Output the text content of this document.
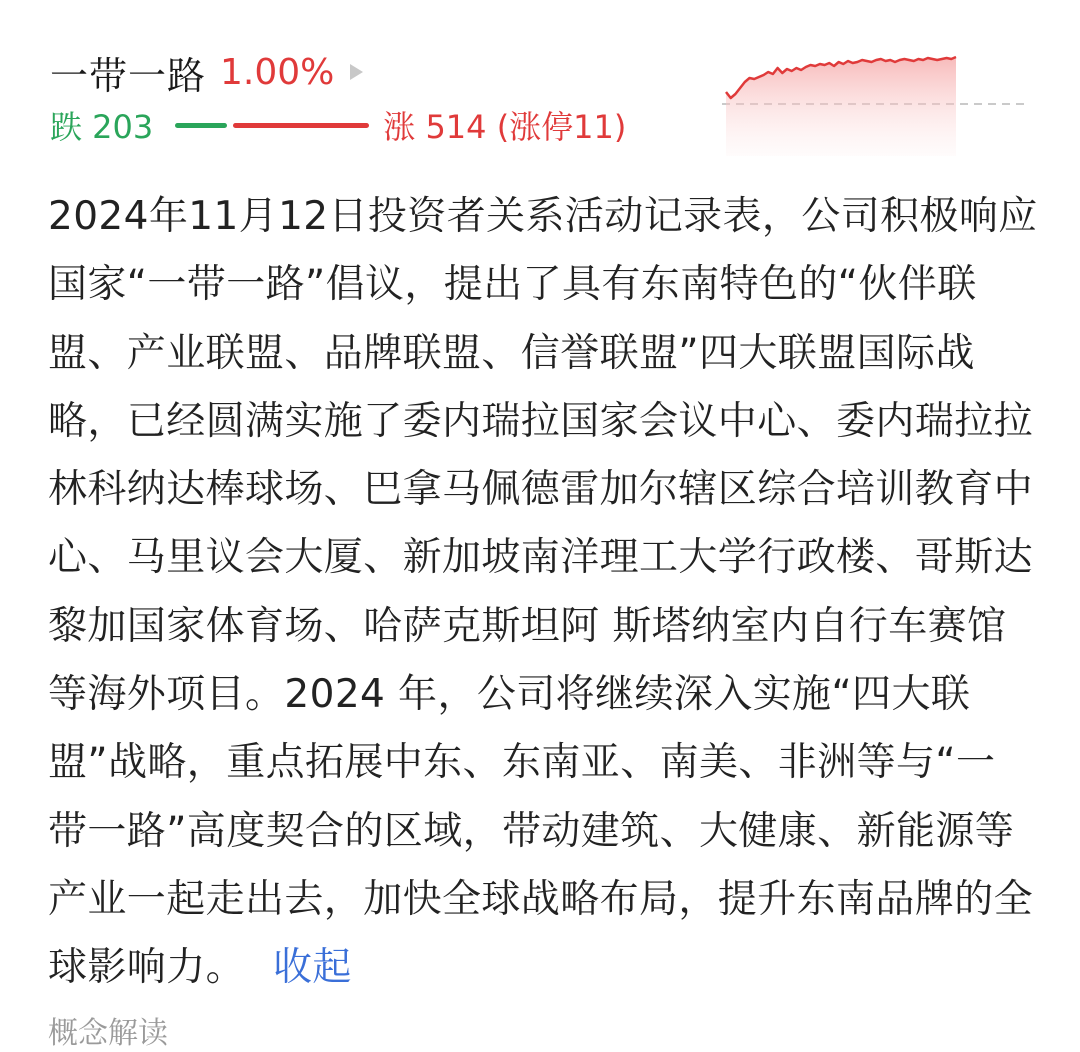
一带一路 1.00%
跌 203	涨 514 (涨停11)
2024年11月12日投资者关系活动记录表，公司积极响应国家“一带一路”倡议，提出了具有东南特色的“伙伴联盟、产业联盟、品牌联盟、信誉联盟”四大联盟国际战略，已经圆满实施了委内瑞拉国家会议中心、委内瑞拉拉林科纳达棒球场、巴拿马佩德雷加尔辖区综合培训教育中心、马里议会大厦、新加坡南洋理工大学行政楼、哥斯达黎加国家体育场、哈萨克斯坦阿 斯塔纳室内自行车赛馆等海外项目。2024 年，公司将继续深入实施“四大联盟”战略，重点拓展中东、东南亚、南美、非洲等与“一 带一路”高度契合的区域，带动建筑、大健康、新能源等产业一起走出去，加快全球战略布局，提升东南品牌的全球影响力。 收起
概念解读
